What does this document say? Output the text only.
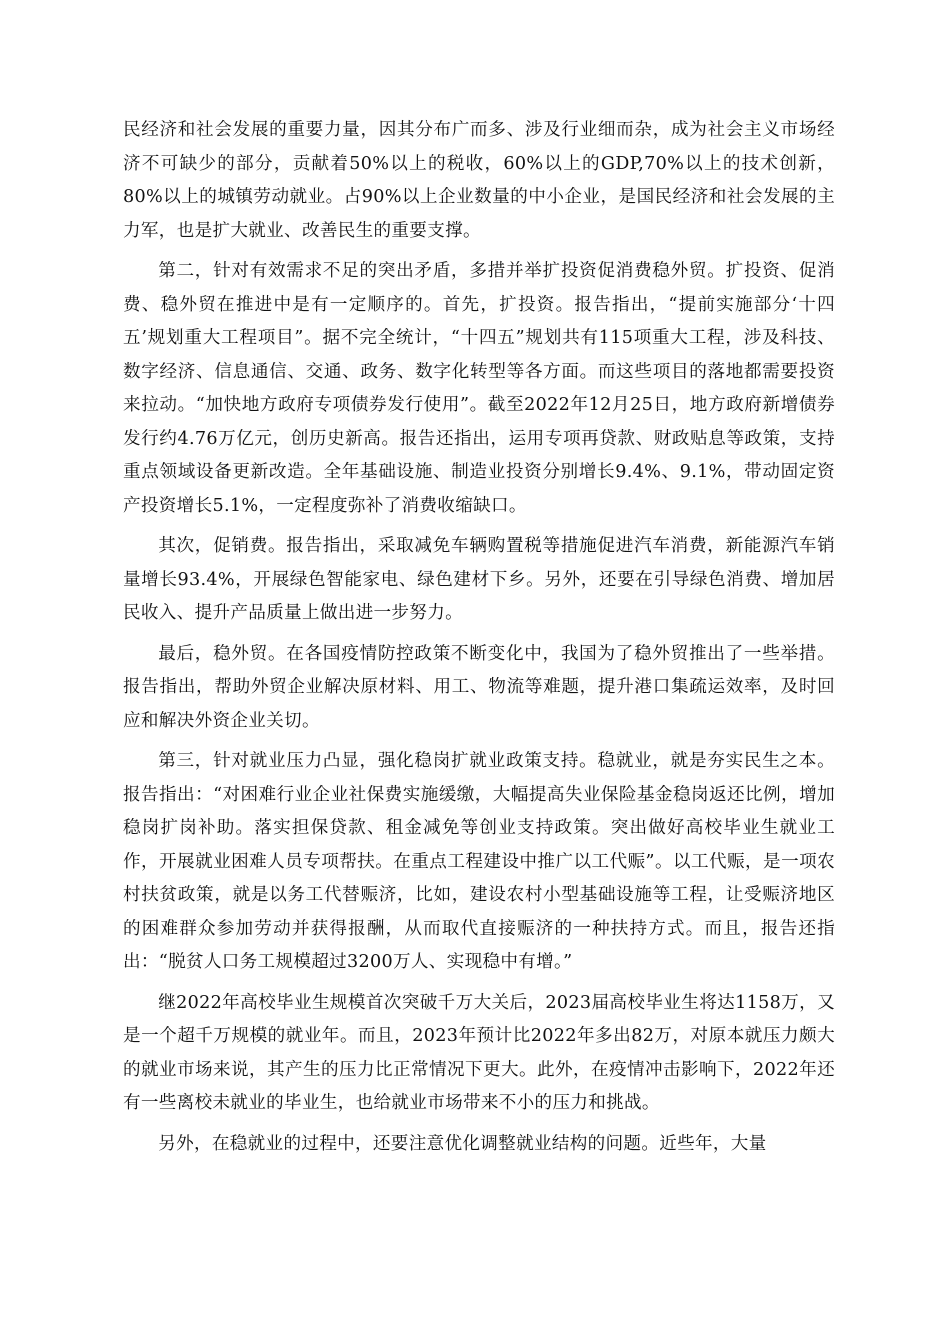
民经济和社会发展的重要力量，因其分布广而多、涉及行业细而杂，成为社会主义市场经济不可缺少的部分，贡献着50%以上的税收，60%以上的GDP,70%以上的技术创新，80%以上的城镇劳动就业。占90%以上企业数量的中小企业，是国民经济和社会发展的主力军，也是扩大就业、改善民生的重要支撑。

第二，针对有效需求不足的突出矛盾，多措并举扩投资促消费稳外贸。扩投资、促消费、稳外贸在推进中是有一定顺序的。首先，扩投资。报告指出，“提前实施部分‘十四五’规划重大工程项目”。据不完全统计，“十四五”规划共有115项重大工程，涉及科技、数字经济、信息通信、交通、政务、数字化转型等各方面。而这些项目的落地都需要投资来拉动。“加快地方政府专项债券发行使用”。截至2022年12月25日，地方政府新增债券发行约4.76万亿元，创历史新高。报告还指出，运用专项再贷款、财政贴息等政策，支持重点领域设备更新改造。全年基础设施、制造业投资分别增长9.4%、9.1%，带动固定资产投资增长5.1%，一定程度弥补了消费收缩缺口。

其次，促销费。报告指出，采取减免车辆购置税等措施促进汽车消费，新能源汽车销量增长93.4%，开展绿色智能家电、绿色建材下乡。另外，还要在引导绿色消费、增加居民收入、提升产品质量上做出进一步努力。

最后，稳外贸。在各国疫情防控政策不断变化中，我国为了稳外贸推出了一些举措。报告指出，帮助外贸企业解决原材料、用工、物流等难题，提升港口集疏运效率，及时回应和解决外资企业关切。

第三，针对就业压力凸显，强化稳岗扩就业政策支持。稳就业，就是夯实民生之本。报告指出：“对困难行业企业社保费实施缓缴，大幅提高失业保险基金稳岗返还比例，增加稳岗扩岗补助。落实担保贷款、租金减免等创业支持政策。突出做好高校毕业生就业工作，开展就业困难人员专项帮扶。在重点工程建设中推广以工代赈”。以工代赈，是一项农村扶贫政策，就是以务工代替赈济，比如，建设农村小型基础设施等工程，让受赈济地区的困难群众参加劳动并获得报酬，从而取代直接赈济的一种扶持方式。而且，报告还指出：“脱贫人口务工规模超过3200万人、实现稳中有增。”

继2022年高校毕业生规模首次突破千万大关后，2023届高校毕业生将达1158万，又是一个超千万规模的就业年。而且，2023年预计比2022年多出82万，对原本就压力颇大的就业市场来说，其产生的压力比正常情况下更大。此外，在疫情冲击影响下，2022年还有一些离校未就业的毕业生，也给就业市场带来不小的压力和挑战。

另外，在稳就业的过程中，还要注意优化调整就业结构的问题。近些年，大量
